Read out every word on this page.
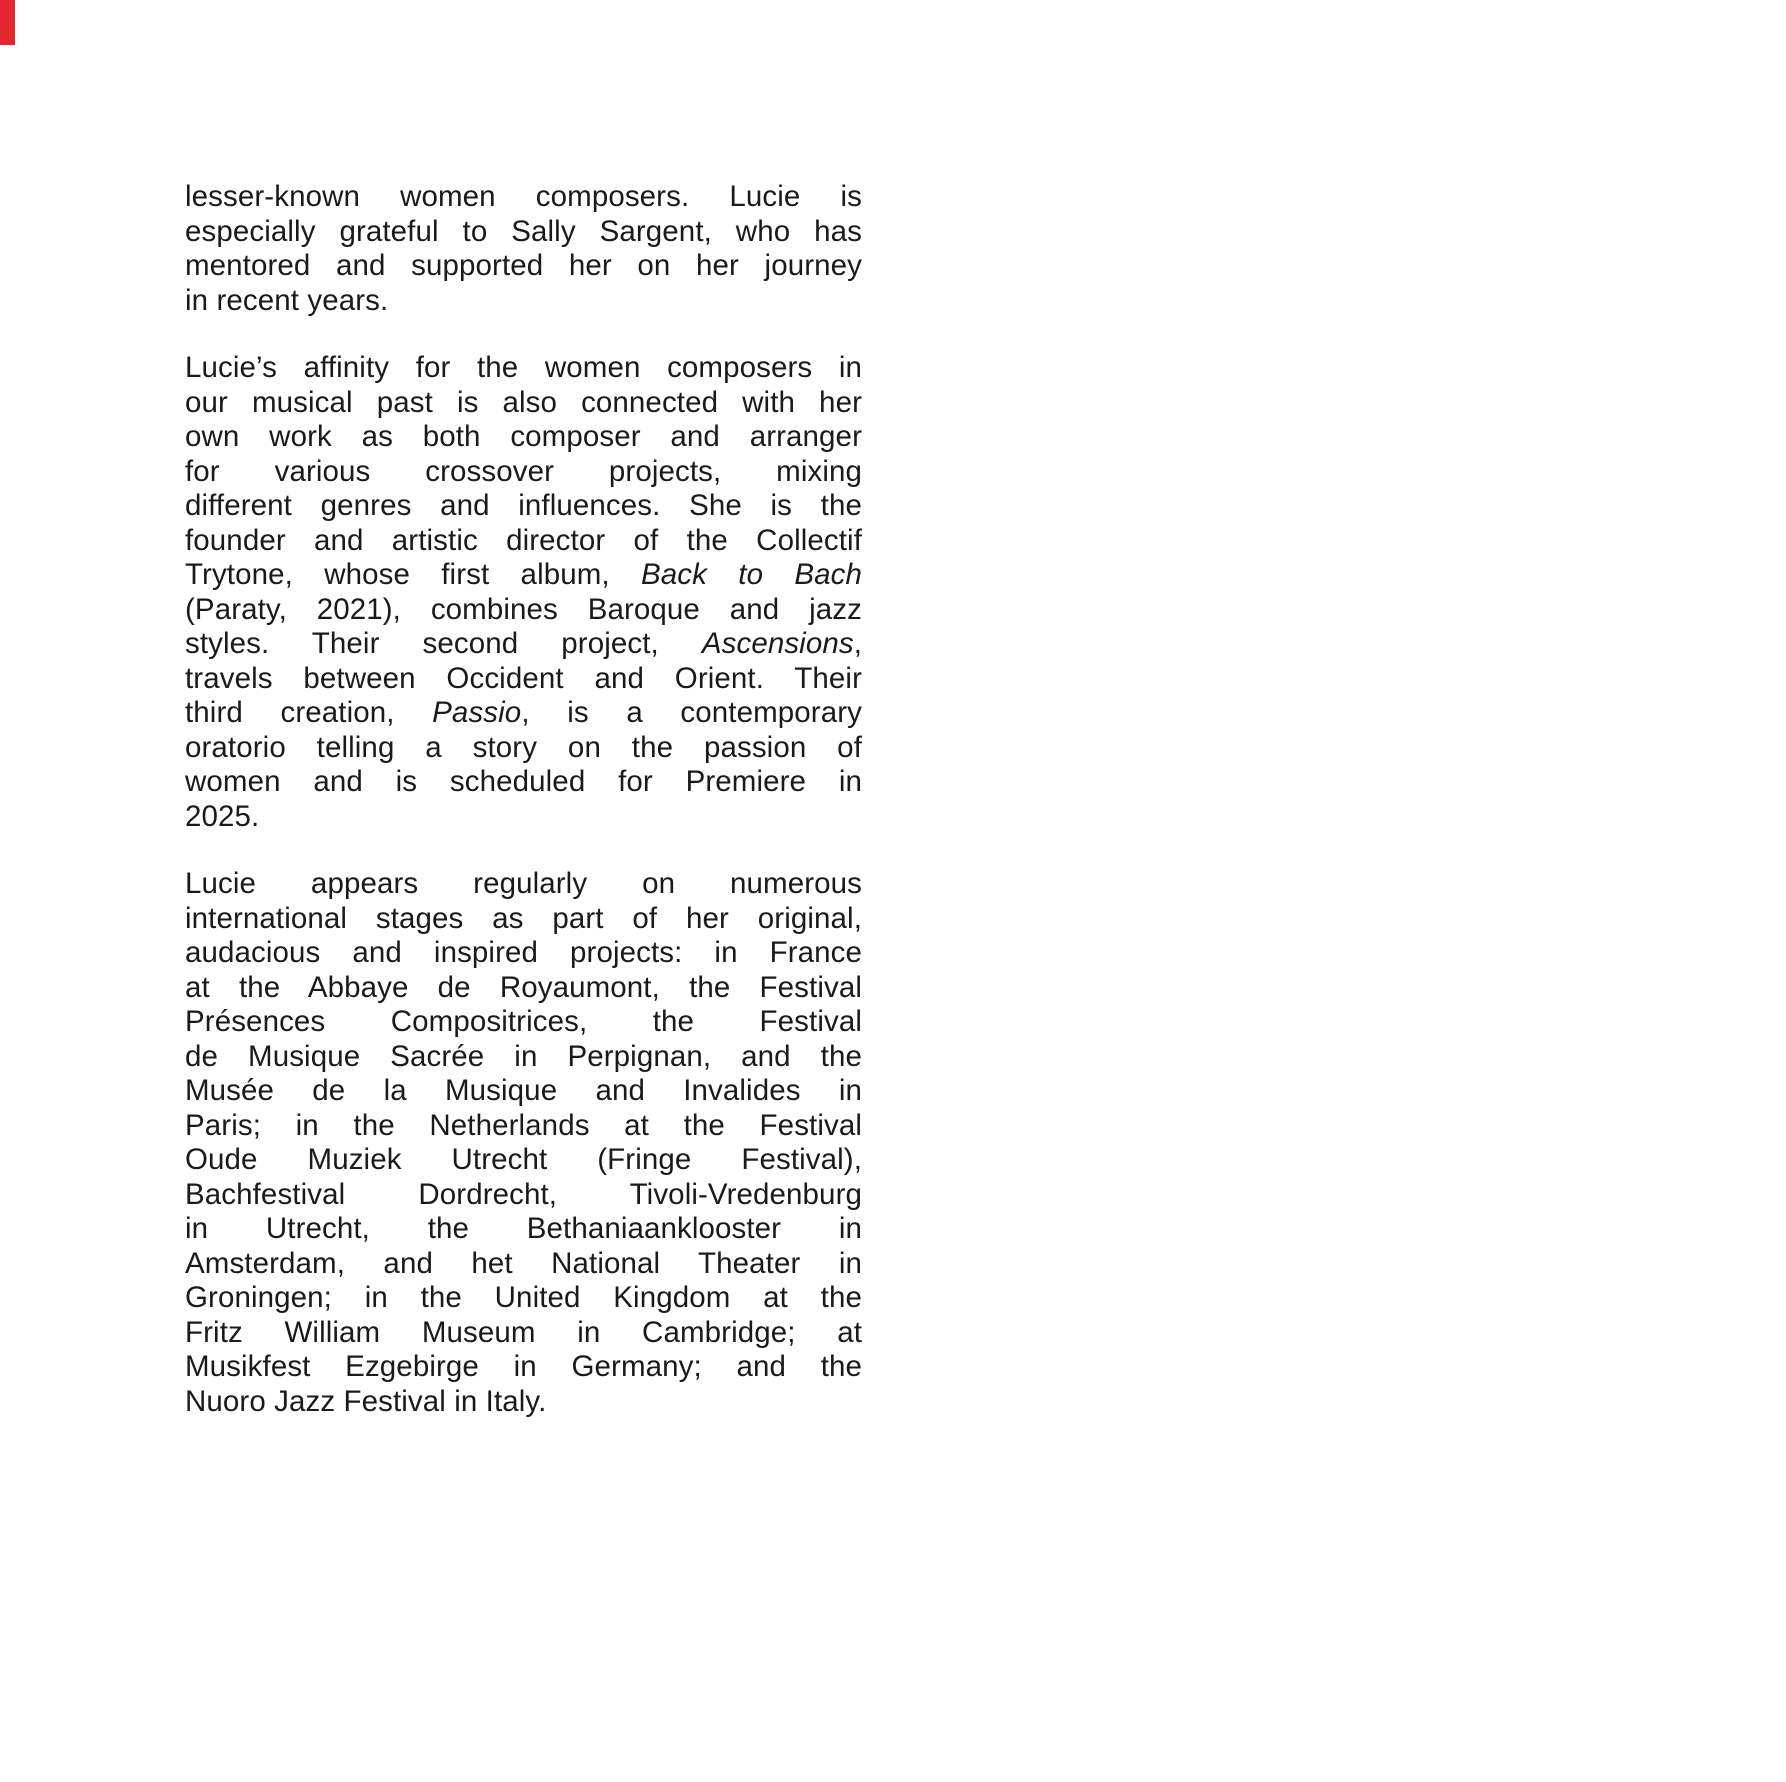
lesser-known women composers. Lucie is
especially grateful to Sally Sargent, who has
mentored and supported her on her journey
in recent years.
Lucie’s affinity for the women composers in
our musical past is also connected with her
own work as both composer and arranger
for various crossover projects, mixing
different genres and influences. She is the
founder and artistic director of the Collectif
Trytone, whose first album, Back to Bach
(Paraty, 2021), combines Baroque and jazz
styles. Their second project, Ascensions,
travels between Occident and Orient. Their
third creation, Passio, is a contemporary
oratorio telling a story on the passion of
women and is scheduled for Premiere in
2025.
Lucie appears regularly on numerous
international stages as part of her original,
audacious and inspired projects: in France
at the Abbaye de Royaumont, the Festival
Présences Compositrices, the Festival
de Musique Sacrée in Perpignan, and the
Musée de la Musique and Invalides in
Paris; in the Netherlands at the Festival
Oude Muziek Utrecht (Fringe Festival),
Bachfestival Dordrecht, Tivoli-Vredenburg
in Utrecht, the Bethaniaanklooster in
Amsterdam, and het National Theater in
Groningen; in the United Kingdom at the
Fritz William Museum in Cambridge; at
Musikfest Ezgebirge in Germany; and the
Nuoro Jazz Festival in Italy.
